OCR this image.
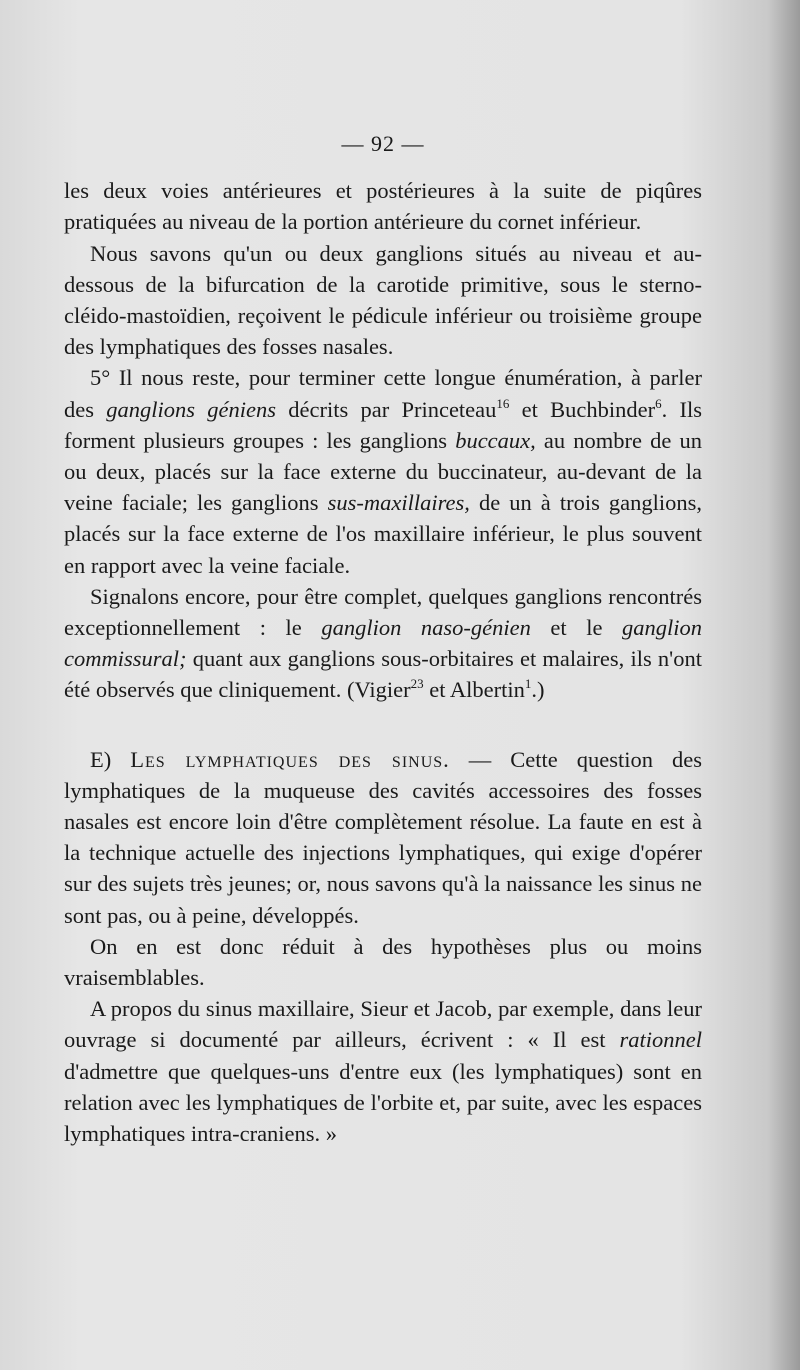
— 92 —

les deux voies antérieures et postérieures à la suite de piqûres pratiquées au niveau de la portion antérieure du cornet inférieur.

Nous savons qu'un ou deux ganglions situés au niveau et au-dessous de la bifurcation de la carotide primitive, sous le sterno-cléido-mastoïdien, reçoivent le pédicule inférieur ou troisième groupe des lymphatiques des fosses nasales.

5° Il nous reste, pour terminer cette longue énumération, à parler des ganglions géniens décrits par Princeteau$^{16}$ et Buchbinder$^6$. Ils forment plusieurs groupes : les ganglions buccaux, au nombre de un ou deux, placés sur la face externe du buccinateur, au-devant de la veine faciale; les ganglions sus-maxillaires, de un à trois ganglions, placés sur la face externe de l'os maxillaire inférieur, le plus souvent en rapport avec la veine faciale.

Signalons encore, pour être complet, quelques ganglions rencontrés exceptionnellement : le ganglion naso-génien et le ganglion commissural; quant aux ganglions sous-orbitaires et malaires, ils n'ont été observés que cliniquement. (Vigier$^{23}$ et Albertin$^1$.)

E) Les lymphatiques des sinus. — Cette question des lymphatiques de la muqueuse des cavités accessoires des fosses nasales est encore loin d'être complètement résolue. La faute en est à la technique actuelle des injections lymphatiques, qui exige d'opérer sur des sujets très jeunes; or, nous savons qu'à la naissance les sinus ne sont pas, ou à peine, développés.

On en est donc réduit à des hypothèses plus ou moins vraisemblables.

A propos du sinus maxillaire, Sieur et Jacob, par exemple, dans leur ouvrage si documenté par ailleurs, écrivent : « Il est rationnel d'admettre que quelques-uns d'entre eux (les lymphatiques) sont en relation avec les lymphatiques de l'orbite et, par suite, avec les espaces lymphatiques intra-craniens. »
